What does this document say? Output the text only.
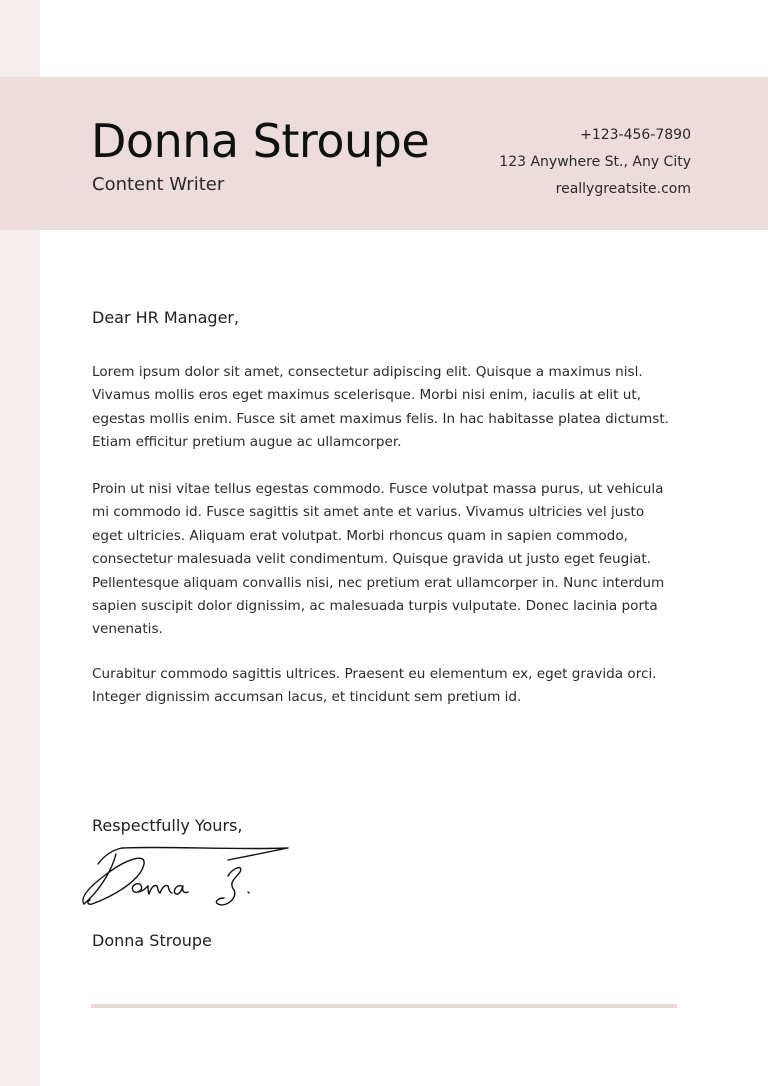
Donna Stroupe
Content Writer
+123-456-7890
123 Anywhere St., Any City
reallygreatsite.com
Dear HR Manager,

Lorem ipsum dolor sit amet, consectetur adipiscing elit. Quisque a maximus nisl. Vivamus mollis eros eget maximus scelerisque. Morbi nisi enim, iaculis at elit ut, egestas mollis enim. Fusce sit amet maximus felis. In hac habitasse platea dictumst. Etiam efficitur pretium augue ac ullamcorper.

Proin ut nisi vitae tellus egestas commodo. Fusce volutpat massa purus, ut vehicula mi commodo id. Fusce sagittis sit amet ante et varius. Vivamus ultricies vel justo eget ultricies. Aliquam erat volutpat. Morbi rhoncus quam in sapien commodo, consectetur malesuada velit condimentum. Quisque gravida ut justo eget feugiat. Pellentesque aliquam convallis nisi, nec pretium erat ullamcorper in. Nunc interdum sapien suscipit dolor dignissim, ac malesuada turpis vulputate. Donec lacinia porta venenatis.

Curabitur commodo sagittis ultrices. Praesent eu elementum ex, eget gravida orci. Integer dignissim accumsan lacus, et tincidunt sem pretium id.

Respectfully Yours,
Donna Stroupe
